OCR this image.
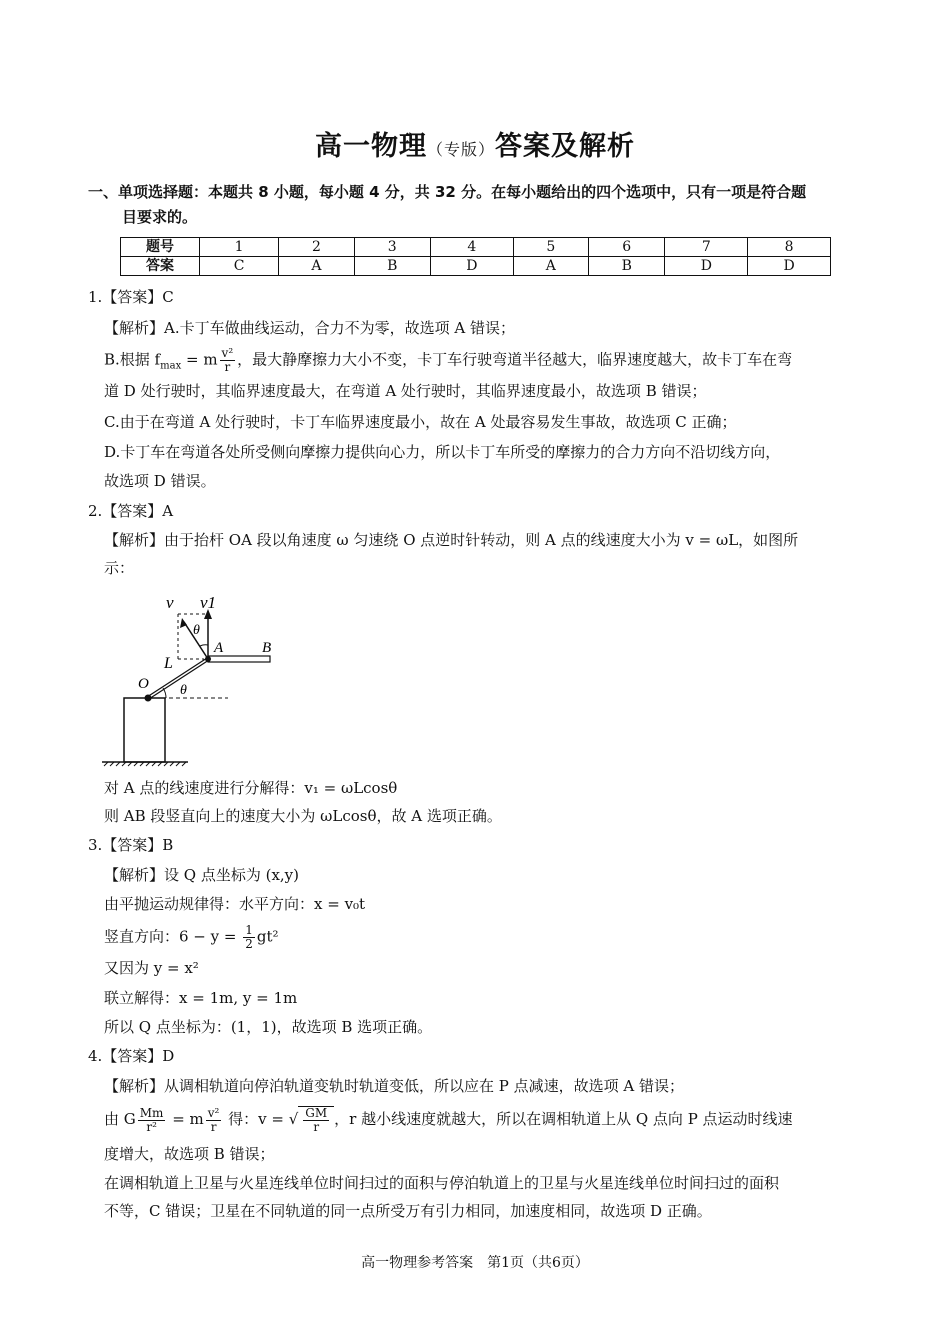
高一物理（专版）答案及解析
一、单项选择题：本题共 8 小题，每小题 4 分，共 32 分。在每小题给出的四个选项中，只有一项是符合题
目要求的。
题号	1	2	3	4	5	6	7	8
答案	C	A	B	D	A	B	D	D
1.【答案】C
【解析】A.卡丁车做曲线运动，合力不为零，故选项 A 错误；
B.根据 $f_{max} = m \frac{\text{v²}}{r}$ ，最大静摩擦力大小不变，卡丁车行驶弯道半径越大，临界速度越大，故卡丁车在弯
道 D 处行驶时，其临界速度最大，在弯道 A 处行驶时，其临界速度最小，故选项 B 错误；
C.由于在弯道 A 处行驶时，卡丁车临界速度最小，故在 A 处最容易发生事故，故选项 C 正确；
D.卡丁车在弯道各处所受侧向摩擦力提供向心力，所以卡丁车所受的摩擦力的合力方向不沿切线方向，
故选项 D 错误。
2.【答案】A
【解析】由于抬杆 OA 段以角速度 ω 匀速绕 O 点逆时针转动，则 A 点的线速度大小为 v = ωL，如图所
示：
v v1
θ
A	B
L
O θ
对 A 点的线速度进行分解得：v₁ = ωLcosθ
则 AB 段竖直向上的速度大小为 ωLcosθ，故 A 选项正确。
3.【答案】B
【解析】设 Q 点坐标为 (x,y)
由平抛运动规律得：水平方向：x = v₀t
竖直方向：$6 - y = \frac{1}{2} gt^2$
又因为 y = x²
联立解得：x = 1m, y = 1m
所以 Q 点坐标为：(1，1)，故选项 B 选项正确。
4.【答案】D
【解析】从调相轨道向停泊轨道变轨时轨道变低，所以应在 P 点减速，故选项 A 错误；
由 G $\frac{Mm}{\text{r²}} = m \frac{\text{v²}}{r}$ 得：v = √ $\frac{GM}{r}$ ，r 越小线速度就越大，所以在调相轨道上从 Q 点向 P 点运动时线速
度增大，故选项 B 错误；
在调相轨道上卫星与火星连线单位时间扫过的面积与停泊轨道上的卫星与火星连线单位时间扫过的面积
不等，C 错误；卫星在不同轨道的同一点所受万有引力相同，加速度相同，故选项 D 正确。
高一物理参考答案　第1页（共6页）
